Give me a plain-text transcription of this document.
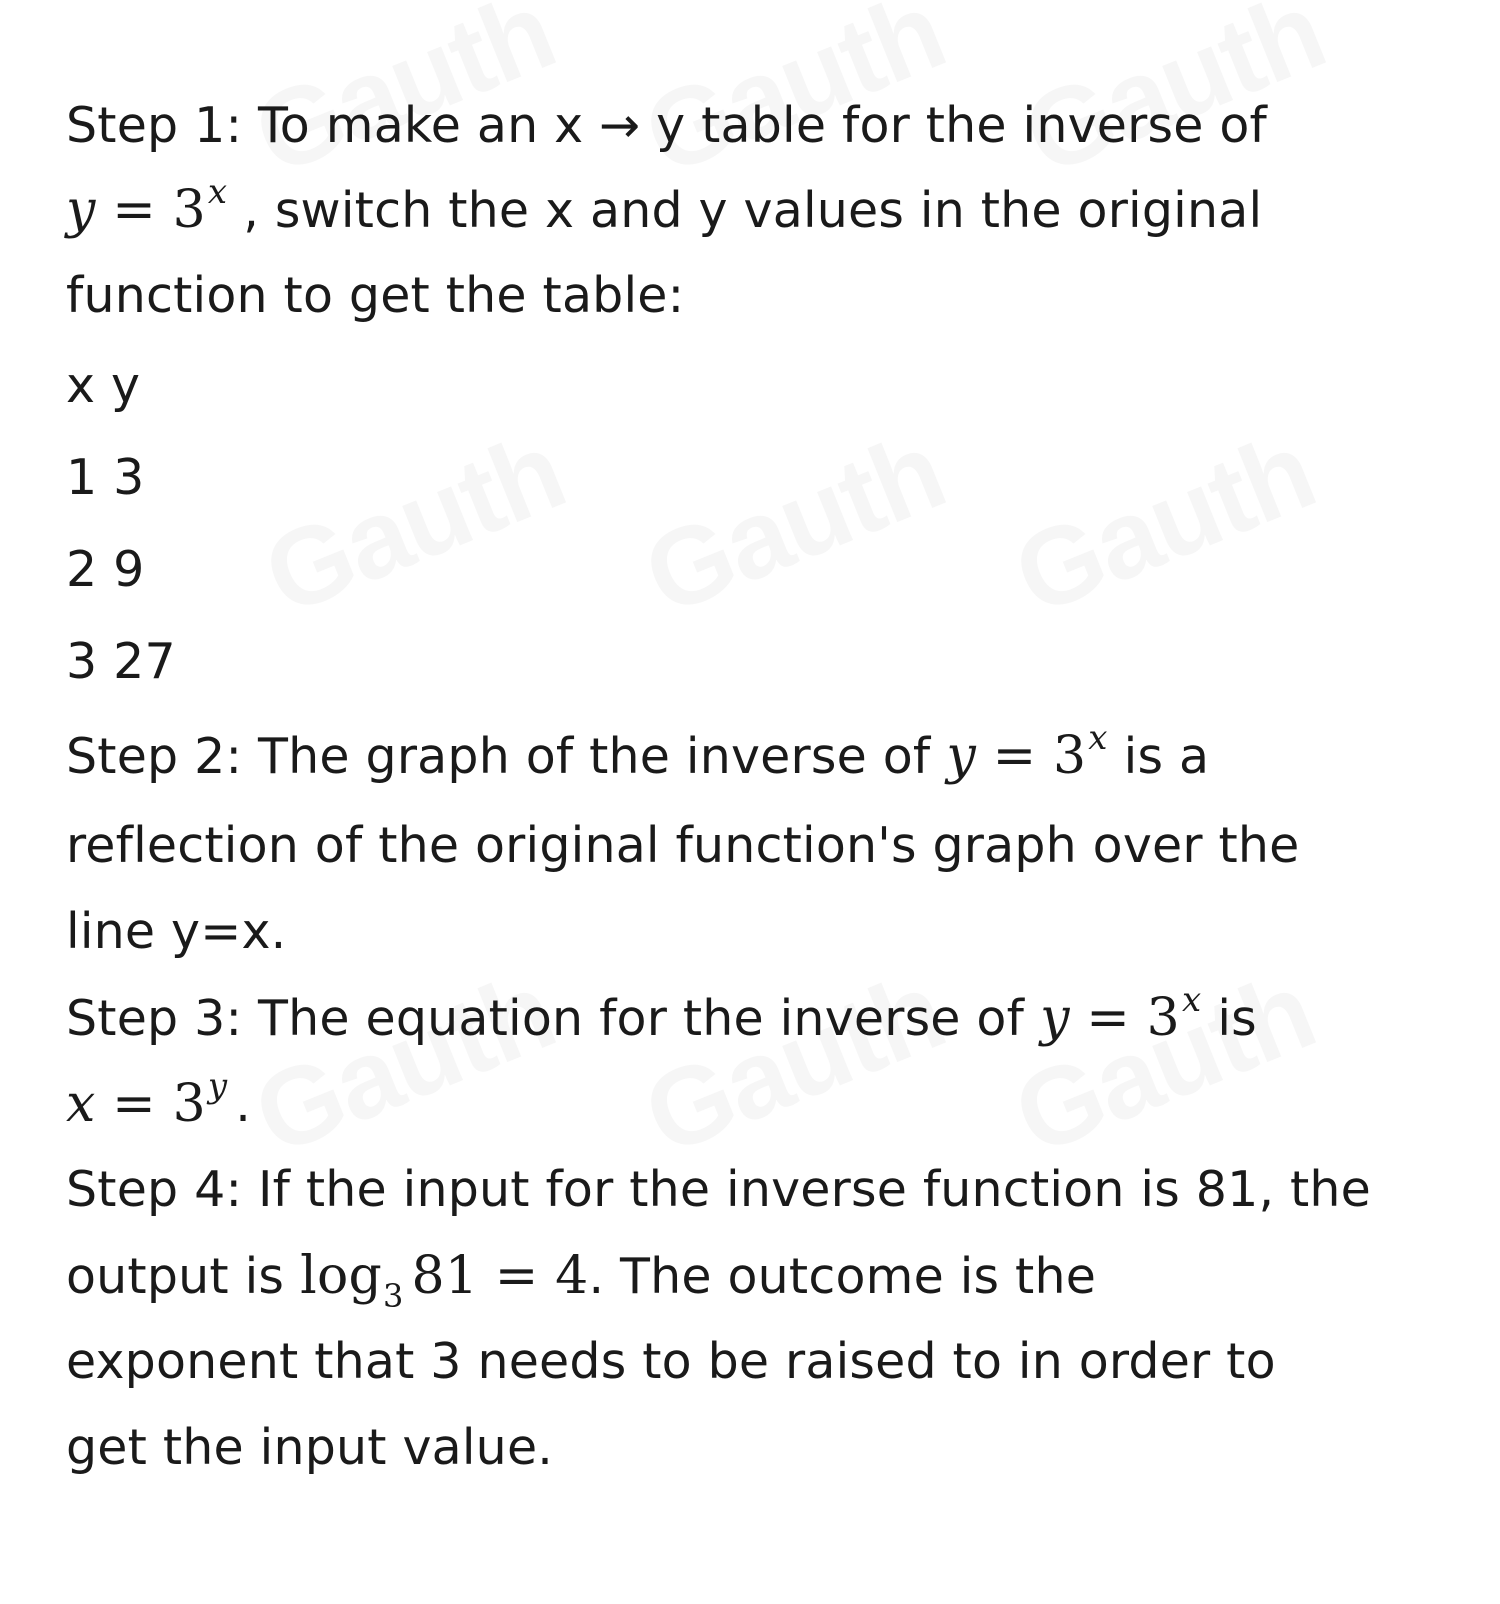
Step 1: To make an x → y table for the inverse of
$y = 3^x$ , switch the x and y values in the original
function to get the table:
x y
1 3
2 9
3 27
Step 2: The graph of the inverse of $y = 3^x$ is a
reflection of the original function's graph over the
line y=x.
Step 3: The equation for the inverse of $y = 3^x$ is
$x = 3^y$ .
Step 4: If the input for the inverse function is 81, the
output is $\log_3 81 = 4$. The outcome is the
exponent that 3 needs to be raised to in order to
get the input value.
